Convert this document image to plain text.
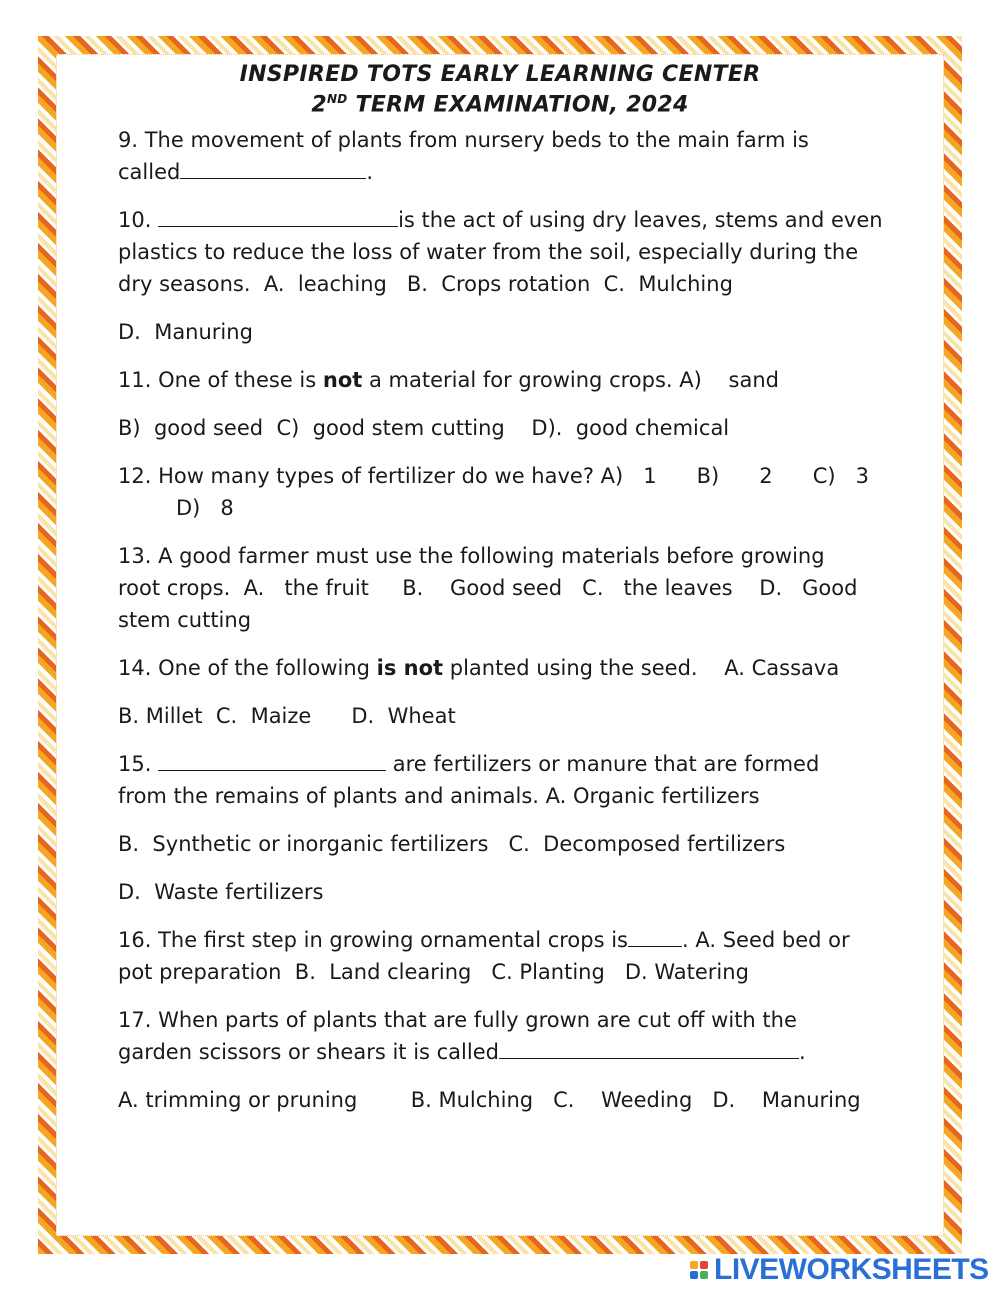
INSPIRED TOTS EARLY LEARNING CENTER
2ND TERM EXAMINATION, 2024
9. The movement of plants from nursery beds to the main farm is
called	.
10.	is the act of using dry leaves, stems and even
plastics to reduce the loss of water from the soil, especially during the
dry seasons.  A.  leaching   B.  Crops rotation  C.  Mulching
D.  Manuring
11. One of these is not a material for growing crops. A)    sand
B)  good seed  C)  good stem cutting    D).  good chemical
12. How many types of fertilizer do we have? A)   1      B)      2      C)   3
D)   8
13. A good farmer must use the following materials before growing
root crops.  A.   the fruit     B.    Good seed   C.   the leaves    D.   Good
stem cutting
14. One of the following is not planted using the seed.    A. Cassava
B. Millet  C.  Maize      D.  Wheat
15.	are fertilizers or manure that are formed
from the remains of plants and animals. A. Organic fertilizers
B.  Synthetic or inorganic fertilizers   C.  Decomposed fertilizers
D.  Waste fertilizers
16. The first step in growing ornamental crops is	. A. Seed bed or
pot preparation  B.  Land clearing   C. Planting   D. Watering
17. When parts of plants that are fully grown are cut off with the
garden scissors or shears it is called	.
A. trimming or pruning        B. Mulching   C.    Weeding   D.    Manuring
LIVEWORKSHEETS
